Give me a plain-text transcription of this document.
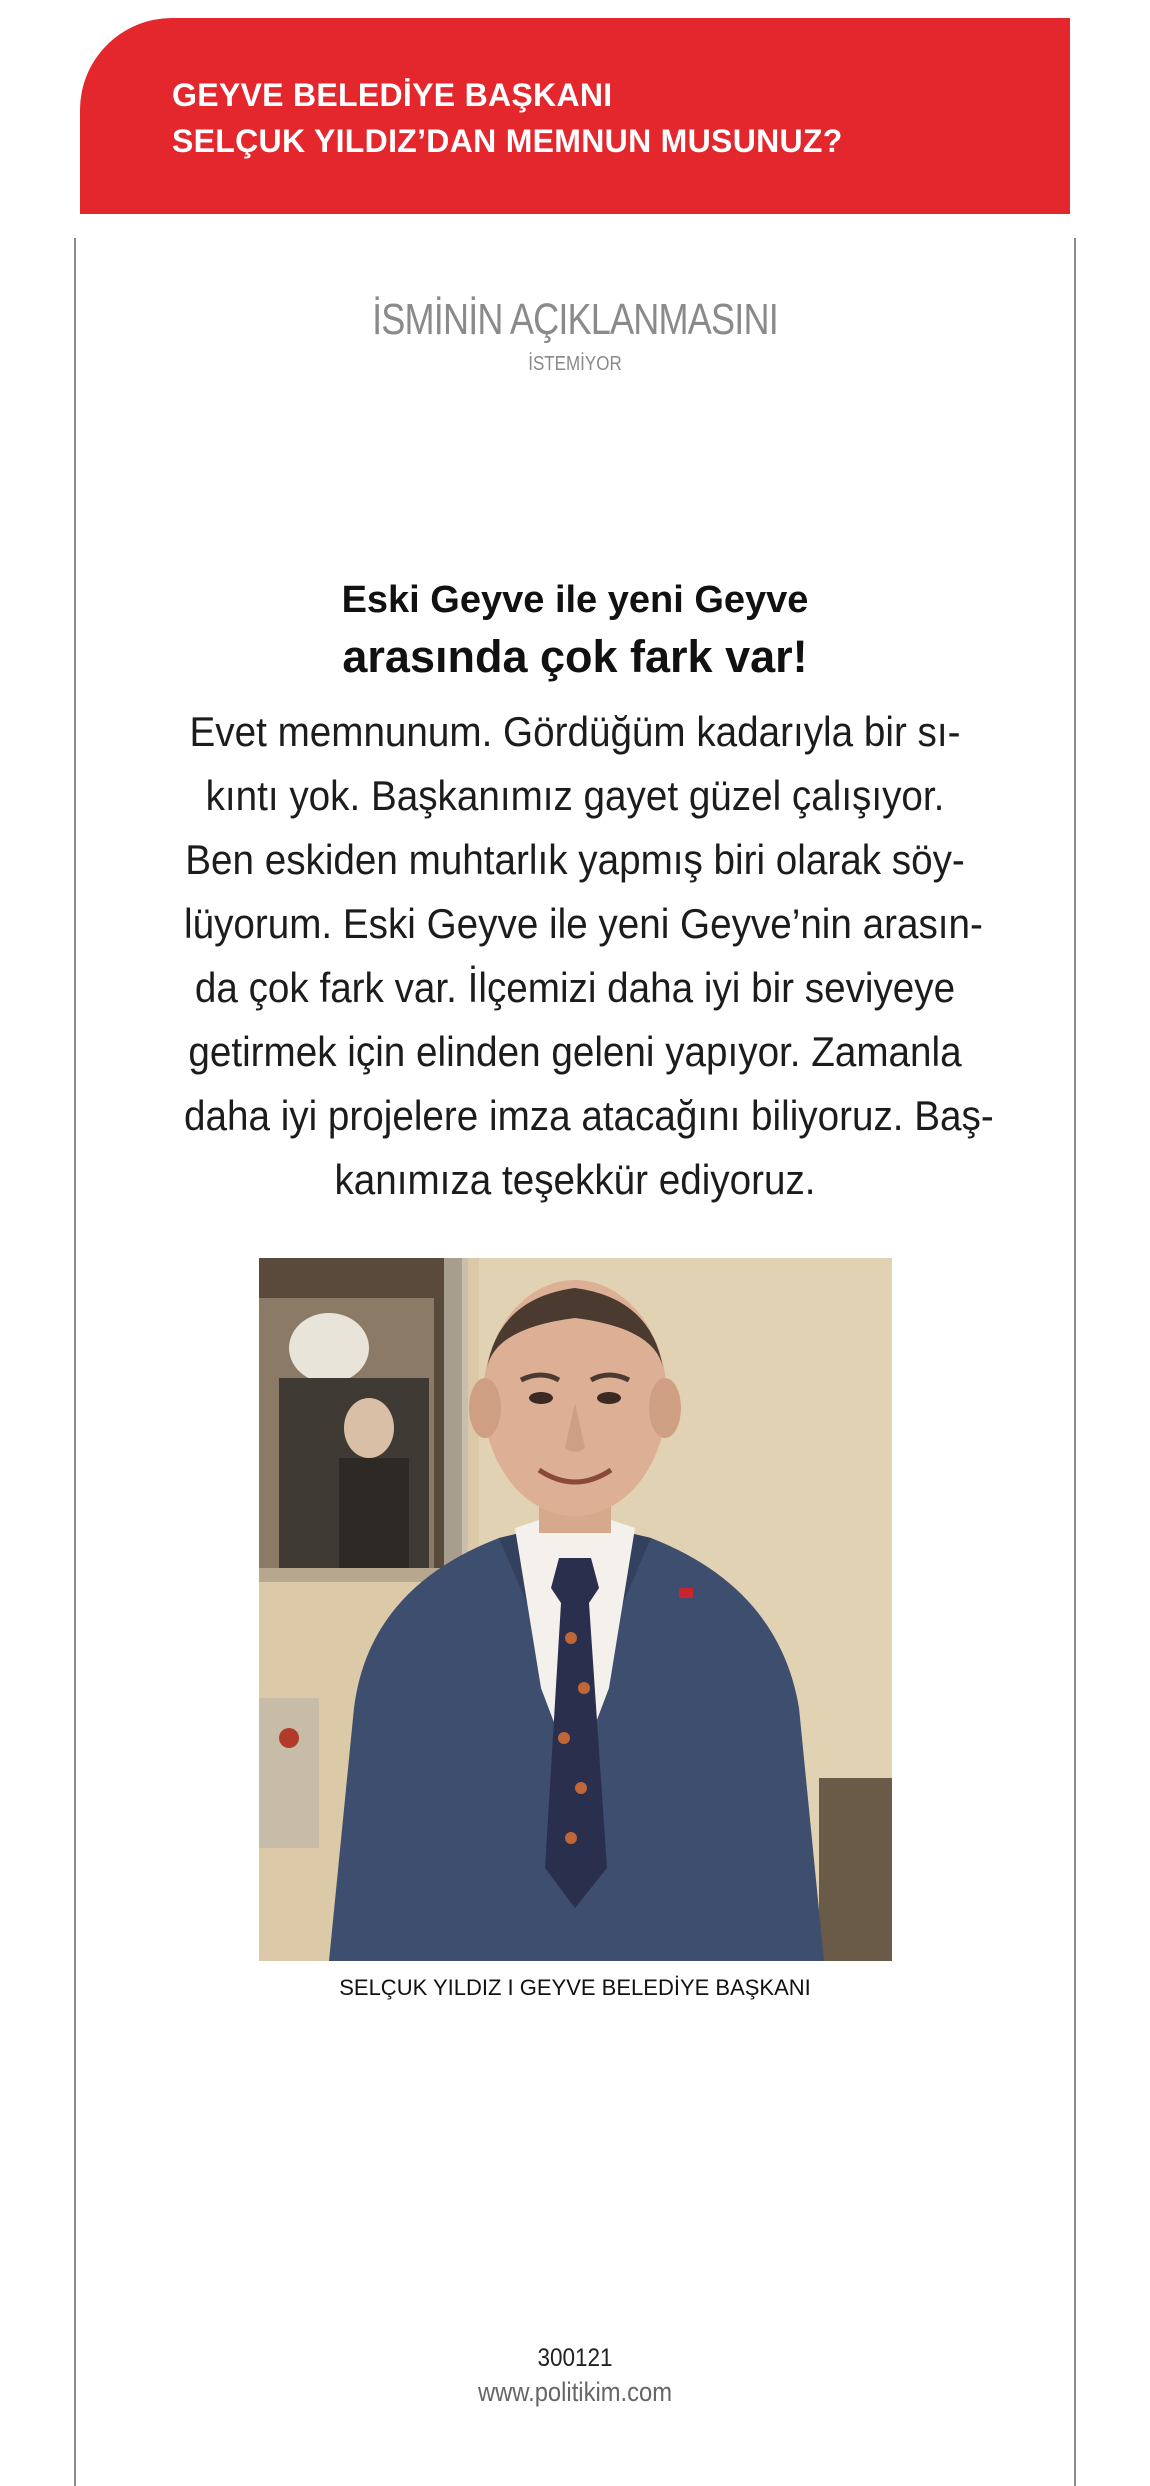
GEYVE BELEDİYE BAŞKANI
SELÇUK YILDIZ’DAN MEMNUN MUSUNUZ?
İSMİNİN AÇIKLANMASINI
İSTEMİYOR
Eski Geyve ile yeni Geyve
arasında çok fark var!
Evet memnunum. Gördüğüm kadarıyla bir sı-
kıntı yok. Başkanımız gayet güzel çalışıyor.
Ben eskiden muhtarlık yapmış biri olarak söy-
lüyorum. Eski Geyve ile yeni Geyve’nin arasın-
da çok fark var. İlçemizi daha iyi bir seviyeye
getirmek için elinden geleni yapıyor. Zamanla
daha iyi projelere imza atacağını biliyoruz. Baş-
kanımıza teşekkür ediyoruz.
SELÇUK YILDIZ I GEYVE BELEDİYE BAŞKANI
300121
www.politikim.com
